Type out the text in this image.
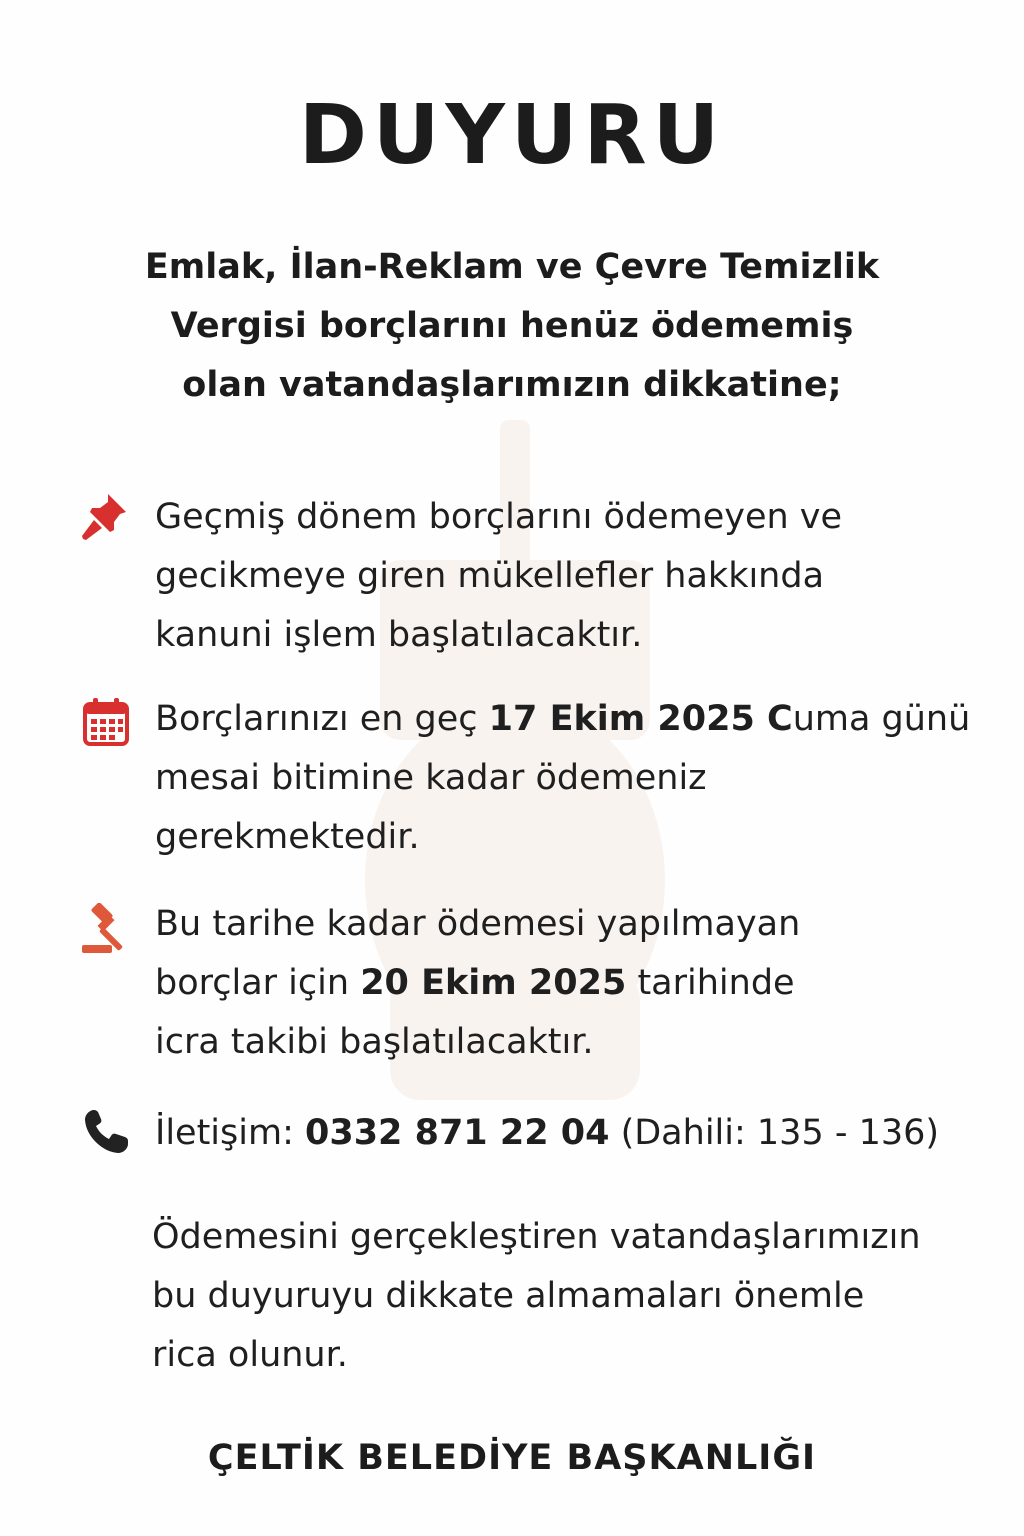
DUYURU
Emlak, İlan-Reklam ve Çevre Temizlik
Vergisi borçlarını henüz ödememiş
olan vatandaşlarımızın dikkatine;
Geçmiş dönem borçlarını ödemeyen ve
gecikmeye giren mükellefler hakkında
kanuni işlem başlatılacaktır.
Borçlarınızı en geç 17 Ekim 2025 Cuma günü
mesai bitimine kadar ödemeniz
gerekmektedir.
Bu tarihe kadar ödemesi yapılmayan
borçlar için 20 Ekim 2025 tarihinde
icra takibi başlatılacaktır.
İletişim: 0332 871 22 04 (Dahili: 135 - 136)
Ödemesini gerçekleştiren vatandaşlarımızın
bu duyuruyu dikkate almamaları önemle
rica olunur.
ÇELTİK BELEDİYE BAŞKANLIĞI
